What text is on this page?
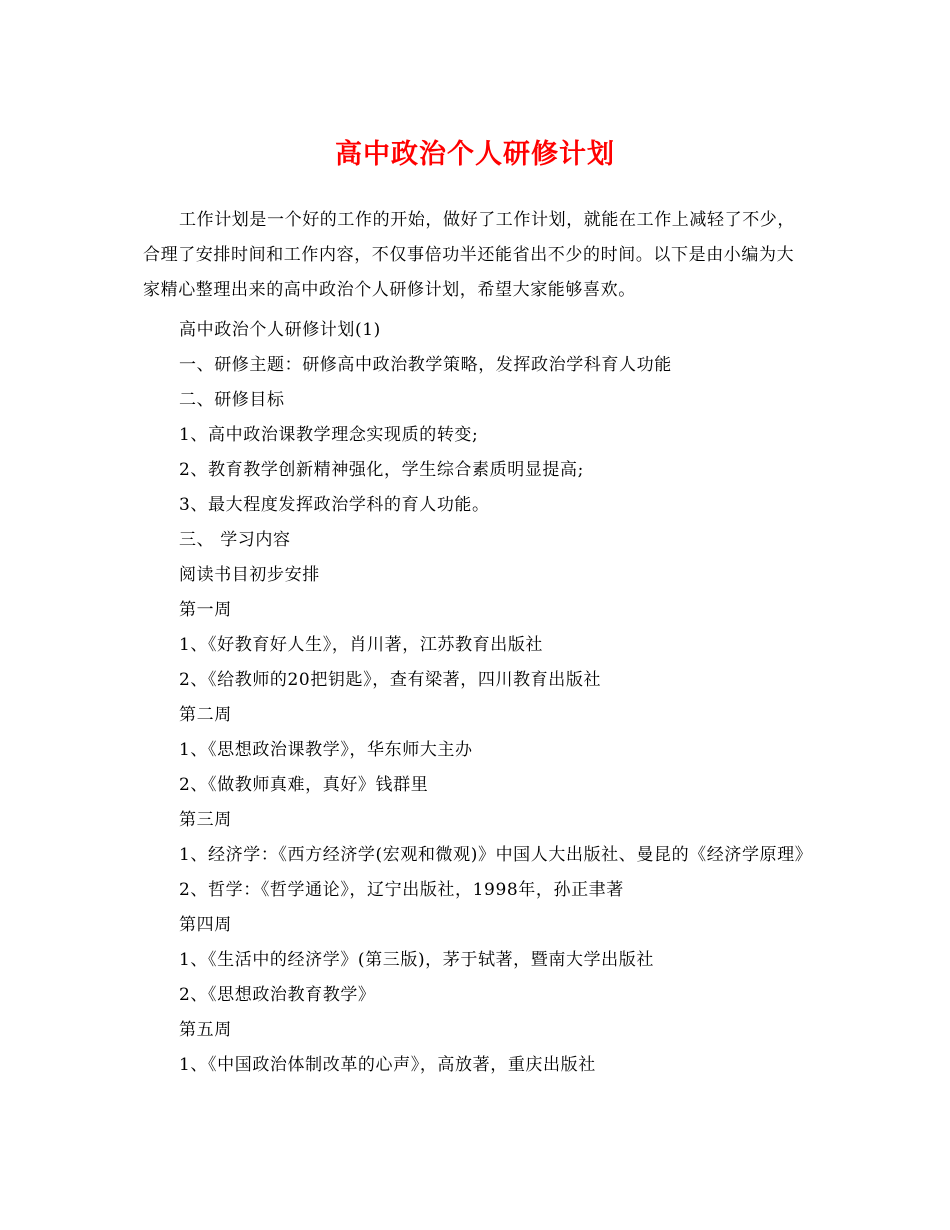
高中政治个人研修计划

工作计划是一个好的工作的开始，做好了工作计划，就能在工作上减轻了不少，合理了安排时间和工作内容，不仅事倍功半还能省出不少的时间。以下是由小编为大家精心整理出来的高中政治个人研修计划，希望大家能够喜欢。

高中政治个人研修计划(1)

一、研修主题：研修高中政治教学策略，发挥政治学科育人功能

二、研修目标

1、高中政治课教学理念实现质的转变;

2、教育教学创新精神强化，学生综合素质明显提高;

3、最大程度发挥政治学科的育人功能。

三、 学习内容

阅读书目初步安排

第一周

1、《好教育好人生》，肖川著，江苏教育出版社

2、《给教师的20把钥匙》，查有梁著，四川教育出版社

第二周

1、《思想政治课教学》，华东师大主办

2、《做教师真难，真好》钱群里

第三周

1、经济学：《西方经济学(宏观和微观)》中国人大出版社、曼昆的《经济学原理》

2、哲学：《哲学通论》，辽宁出版社，1998年，孙正聿著

第四周

1、《生活中的经济学》(第三版)，茅于轼著，暨南大学出版社

2、《思想政治教育教学》

第五周

1、《中国政治体制改革的心声》，高放著，重庆出版社
